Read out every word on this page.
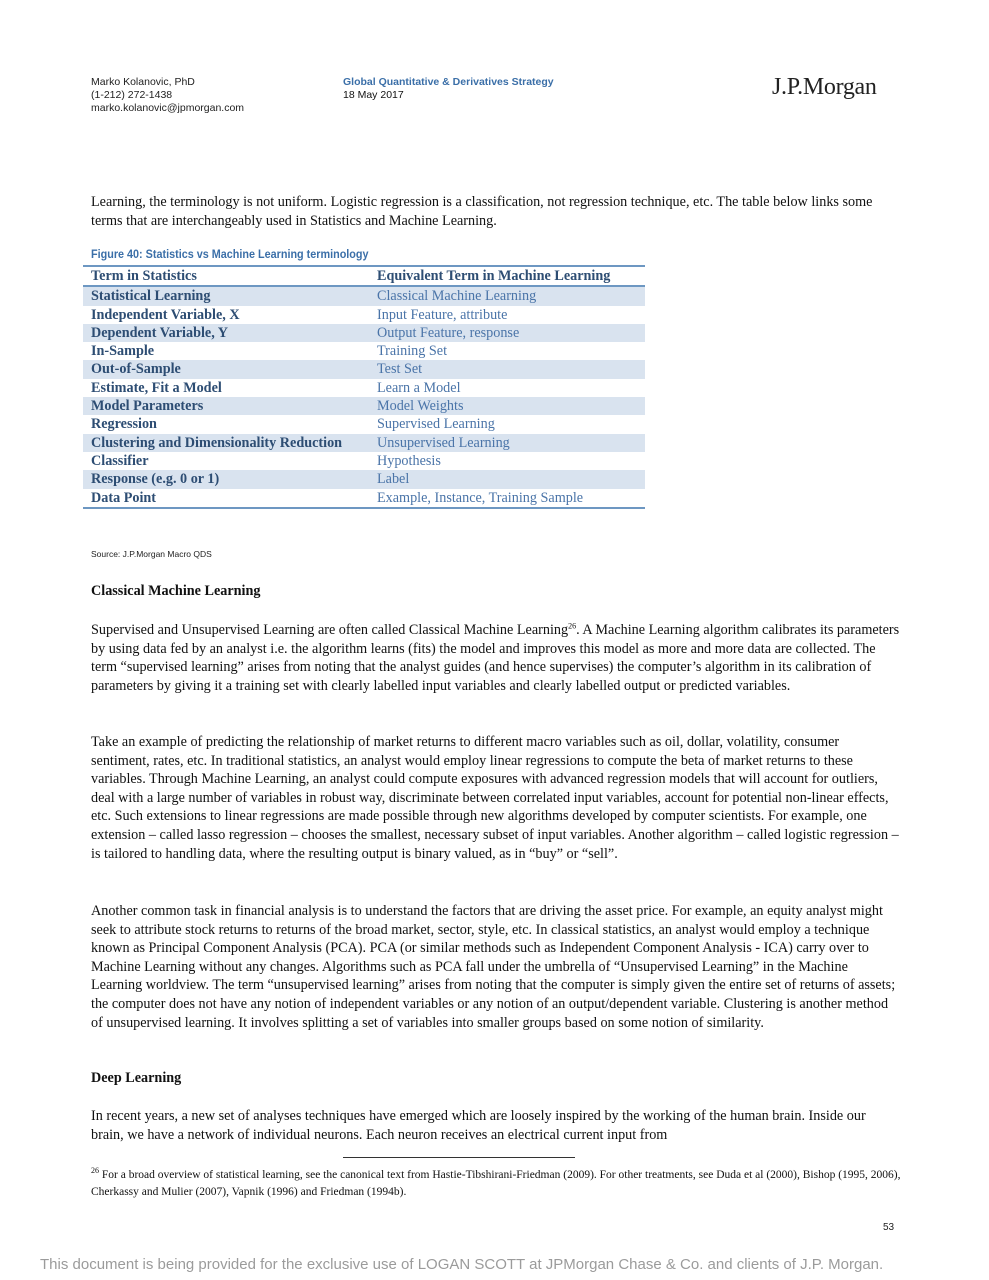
Marko Kolanovic, PhD
(1-212) 272-1438
marko.kolanovic@jpmorgan.com
Global Quantitative & Derivatives Strategy
18 May 2017	J.P.Morgan
Learning, the terminology is not uniform. Logistic regression is a classification, not regression technique, etc. The table below links some terms that are interchangeably used in Statistics and Machine Learning.
Figure 40: Statistics vs Machine Learning terminology
Term in Statistics	Equivalent Term in Machine Learning
Statistical Learning	Classical Machine Learning
Independent Variable, X	Input Feature, attribute
Dependent Variable, Y	Output Feature, response
In-Sample	Training Set
Out-of-Sample	Test Set
Estimate, Fit a Model	Learn a Model
Model Parameters	Model Weights
Regression	Supervised Learning
Clustering and Dimensionality Reduction	Unsupervised Learning
Classifier	Hypothesis
Response (e.g. 0 or 1)	Label
Data Point	Example, Instance, Training Sample
Source: J.P.Morgan Macro QDS
Classical Machine Learning
Supervised and Unsupervised Learning are often called Classical Machine Learning$^{26}$. A Machine Learning algorithm calibrates its parameters by using data fed by an analyst i.e. the algorithm learns (fits) the model and improves this model as more and more data are collected. The term “supervised learning” arises from noting that the analyst guides (and hence supervises) the computer’s algorithm in its calibration of parameters by giving it a training set with clearly labelled input variables and clearly labelled output or predicted variables.
Take an example of predicting the relationship of market returns to different macro variables such as oil, dollar, volatility, consumer sentiment, rates, etc. In traditional statistics, an analyst would employ linear regressions to compute the beta of market returns to these variables. Through Machine Learning, an analyst could compute exposures with advanced regression models that will account for outliers, deal with a large number of variables in robust way, discriminate between correlated input variables, account for potential non-linear effects, etc. Such extensions to linear regressions are made possible through new algorithms developed by computer scientists. For example, one extension – called lasso regression – chooses the smallest, necessary subset of input variables. Another algorithm – called logistic regression – is tailored to handling data, where the resulting output is binary valued, as in “buy” or “sell”.
Another common task in financial analysis is to understand the factors that are driving the asset price. For example, an equity analyst might seek to attribute stock returns to returns of the broad market, sector, style, etc. In classical statistics, an analyst would employ a technique known as Principal Component Analysis (PCA). PCA (or similar methods such as Independent Component Analysis - ICA) carry over to Machine Learning without any changes. Algorithms such as PCA fall under the umbrella of “Unsupervised Learning” in the Machine Learning worldview. The term “unsupervised learning” arises from noting that the computer is simply given the entire set of returns of assets; the computer does not have any notion of independent variables or any notion of an output/dependent variable. Clustering is another method of unsupervised learning. It involves splitting a set of variables into smaller groups based on some notion of similarity.
Deep Learning
In recent years, a new set of analyses techniques have emerged which are loosely inspired by the working of the human brain. Inside our brain, we have a network of individual neurons. Each neuron receives an electrical current input from
$^{26}$ For a broad overview of statistical learning, see the canonical text from Hastie-Tibshirani-Friedman (2009). For other treatments, see Duda et al (2000), Bishop (1995, 2006), Cherkassy and Mulier (2007), Vapnik (1996) and Friedman (1994b).
53
This document is being provided for the exclusive use of LOGAN SCOTT at JPMorgan Chase & Co. and clients of J.P. Morgan.
